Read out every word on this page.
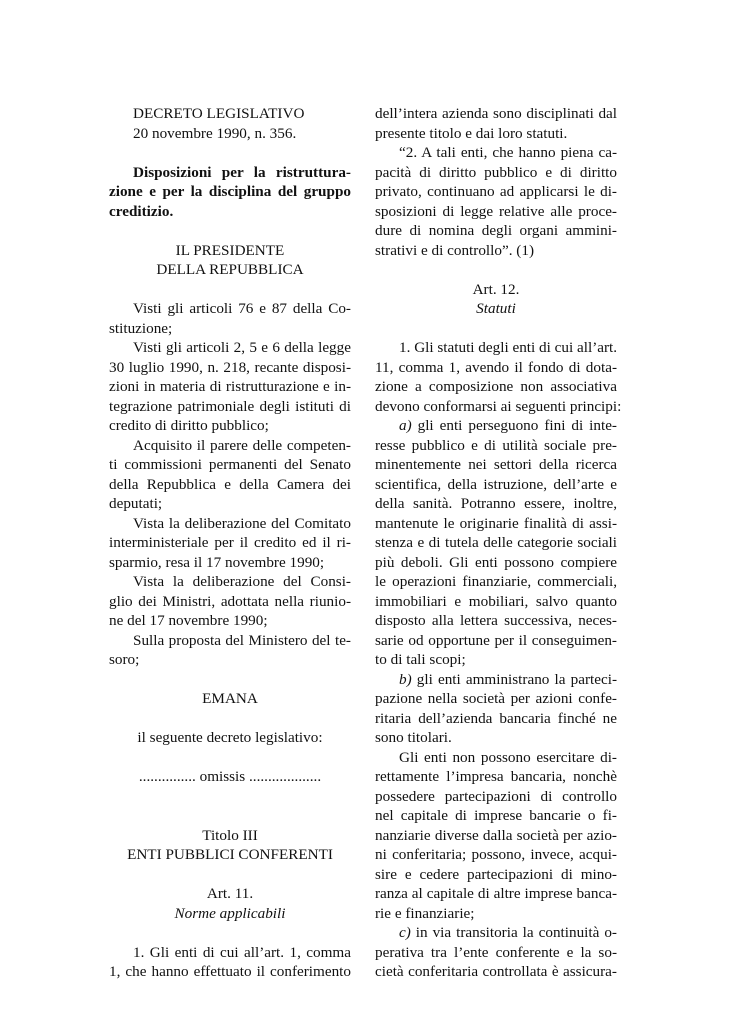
DECRETO LEGISLATIVO
20 novembre 1990, n. 356.
Disposizioni per la ristruttura-
zione e per la disciplina del gruppo
creditizio.
IL PRESIDENTE
DELLA REPUBBLICA
Visti gli articoli 76 e 87 della Co-
stituzione;
Visti gli articoli 2, 5 e 6 della legge
30 luglio 1990, n. 218, recante disposi-
zioni in materia di ristrutturazione e in-
tegrazione patrimoniale degli istituti di
credito di diritto pubblico;
Acquisito il parere delle competen-
ti commissioni permanenti del Senato
della Repubblica e della Camera dei
deputati;
Vista la deliberazione del Comitato
interministeriale per il credito ed il ri-
sparmio, resa il 17 novembre 1990;
Vista la deliberazione del Consi-
glio dei Ministri, adottata nella riunio-
ne del 17 novembre 1990;
Sulla proposta del Ministero del te-
soro;
EMANA
il seguente decreto legislativo:
............... omissis ...................
Titolo III
ENTI PUBBLICI CONFERENTI
Art. 11.
Norme applicabili
1. Gli enti di cui all’art. 1, comma
1, che hanno effettuato il conferimento
dell’intera azienda sono disciplinati dal
presente titolo e dai loro statuti.
“2. A tali enti, che hanno piena ca-
pacità di diritto pubblico e di diritto
privato, continuano ad applicarsi le di-
sposizioni di legge relative alle proce-
dure di nomina degli organi ammini-
strativi e di controllo”. (1)
Art. 12.
Statuti
1. Gli statuti degli enti di cui all’art.
11, comma 1, avendo il fondo di dota-
zione a composizione non associativa
devono conformarsi ai seguenti principi:
a) gli enti perseguono fini di inte-
resse pubblico e di utilità sociale pre-
minentemente nei settori della ricerca
scientifica, della istruzione, dell’arte e
della sanità. Potranno essere, inoltre,
mantenute le originarie finalità di assi-
stenza e di tutela delle categorie sociali
più deboli. Gli enti possono compiere
le operazioni finanziarie, commerciali,
immobiliari e mobiliari, salvo quanto
disposto alla lettera successiva, neces-
sarie od opportune per il conseguimen-
to di tali scopi;
b) gli enti amministrano la parteci-
pazione nella società per azioni confe-
ritaria dell’azienda bancaria finché ne
sono titolari.
Gli enti non possono esercitare di-
rettamente l’impresa bancaria, nonchè
possedere partecipazioni di controllo
nel capitale di imprese bancarie o fi-
nanziarie diverse dalla società per azio-
ni conferitaria; possono, invece, acqui-
sire e cedere partecipazioni di mino-
ranza al capitale di altre imprese banca-
rie e finanziarie;
c) in via transitoria la continuità o-
perativa tra l’ente conferente e la so-
cietà conferitaria controllata è assicura-
